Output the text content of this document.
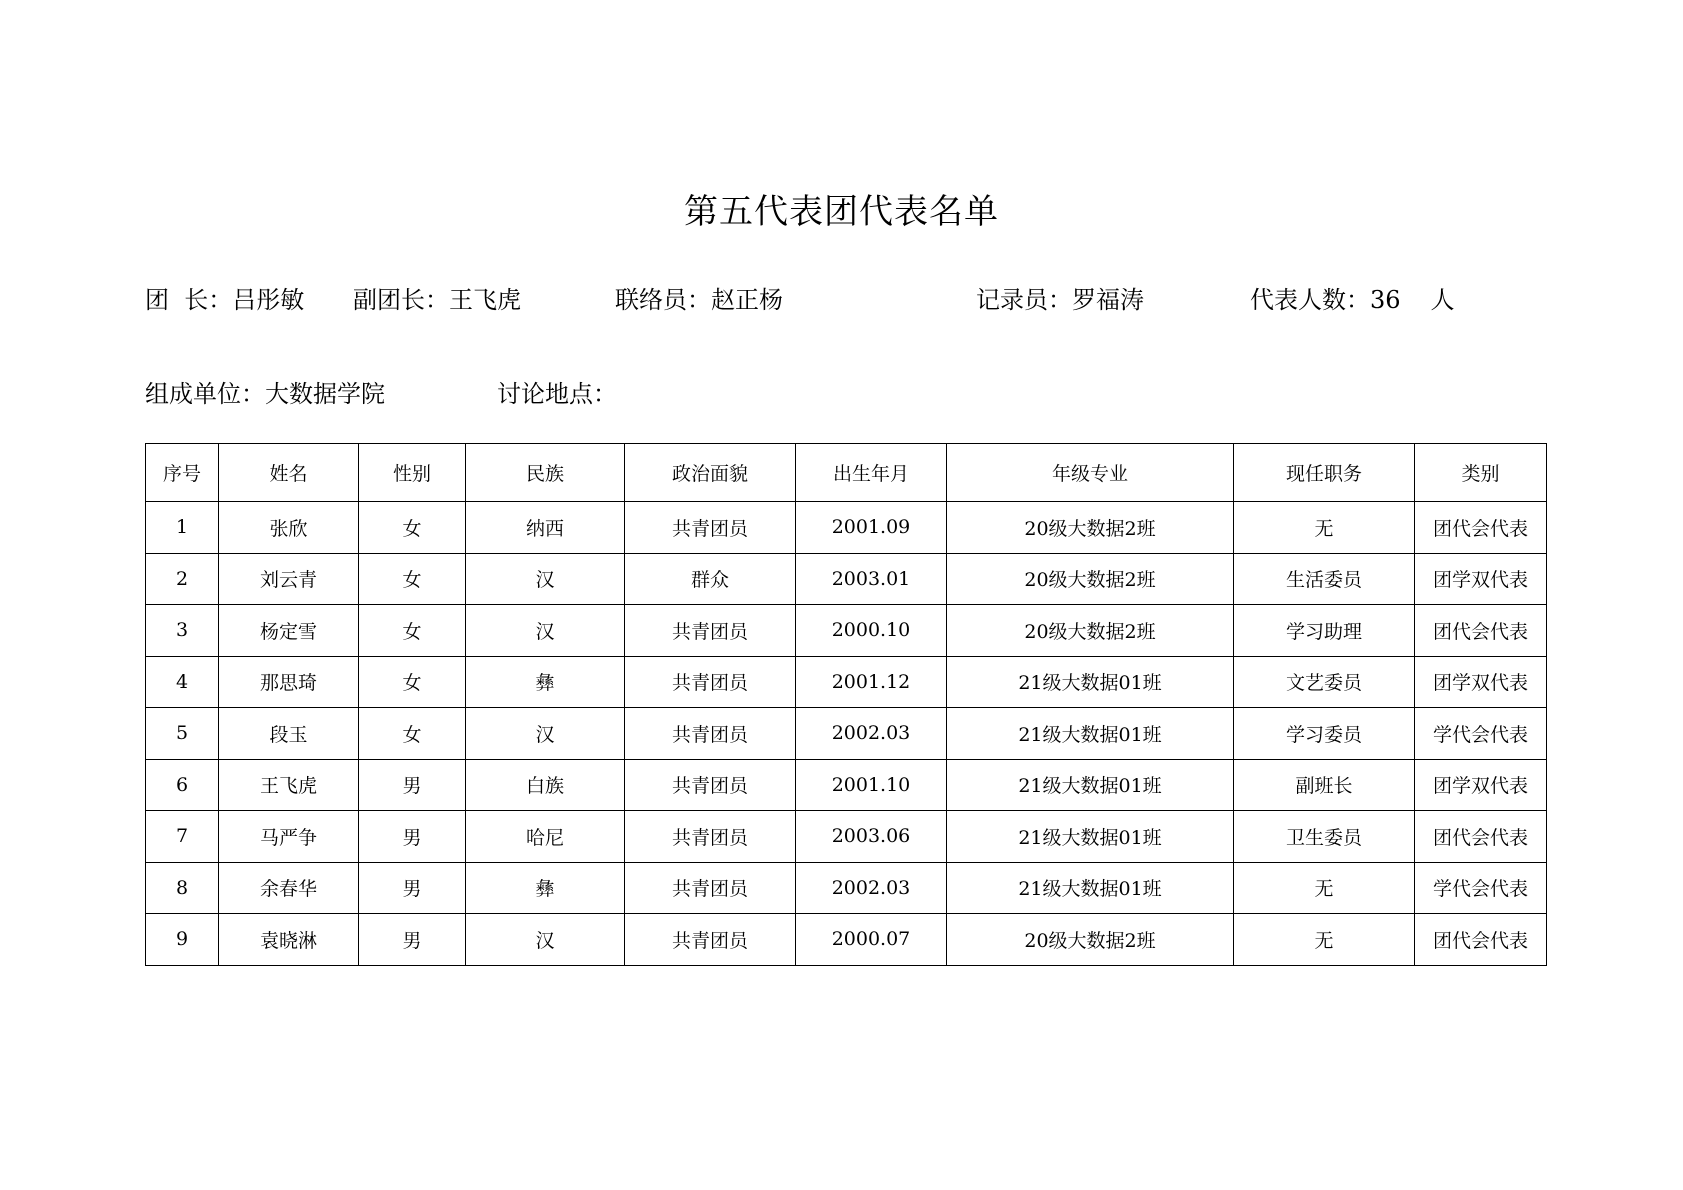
第五代表团代表名单
团  长：吕彤敏 副团长：王飞虎	联络员：赵正杨	记录员：罗福涛	代表人数：36 人
组成单位：大数据学院	讨论地点：
序号	姓名	性别	民族	政治面貌	出生年月	年级专业	现任职务	类别
1	张欣	女	纳西	共青团员	2001.09	20级大数据2班	无	团代会代表
2	刘云青	女	汉	群众	2003.01	20级大数据2班	生活委员	团学双代表
3	杨定雪	女	汉	共青团员	2000.10	20级大数据2班	学习助理	团代会代表
4	那思琦	女	彝	共青团员	2001.12	21级大数据01班	文艺委员	团学双代表
5	段玉	女	汉	共青团员	2002.03	21级大数据01班	学习委员	学代会代表
6	王飞虎	男	白族	共青团员	2001.10	21级大数据01班	副班长	团学双代表
7	马严争	男	哈尼	共青团员	2003.06	21级大数据01班	卫生委员	团代会代表
8	余春华	男	彝	共青团员	2002.03	21级大数据01班	无	学代会代表
9	袁晓淋	男	汉	共青团员	2000.07	20级大数据2班	无	团代会代表
